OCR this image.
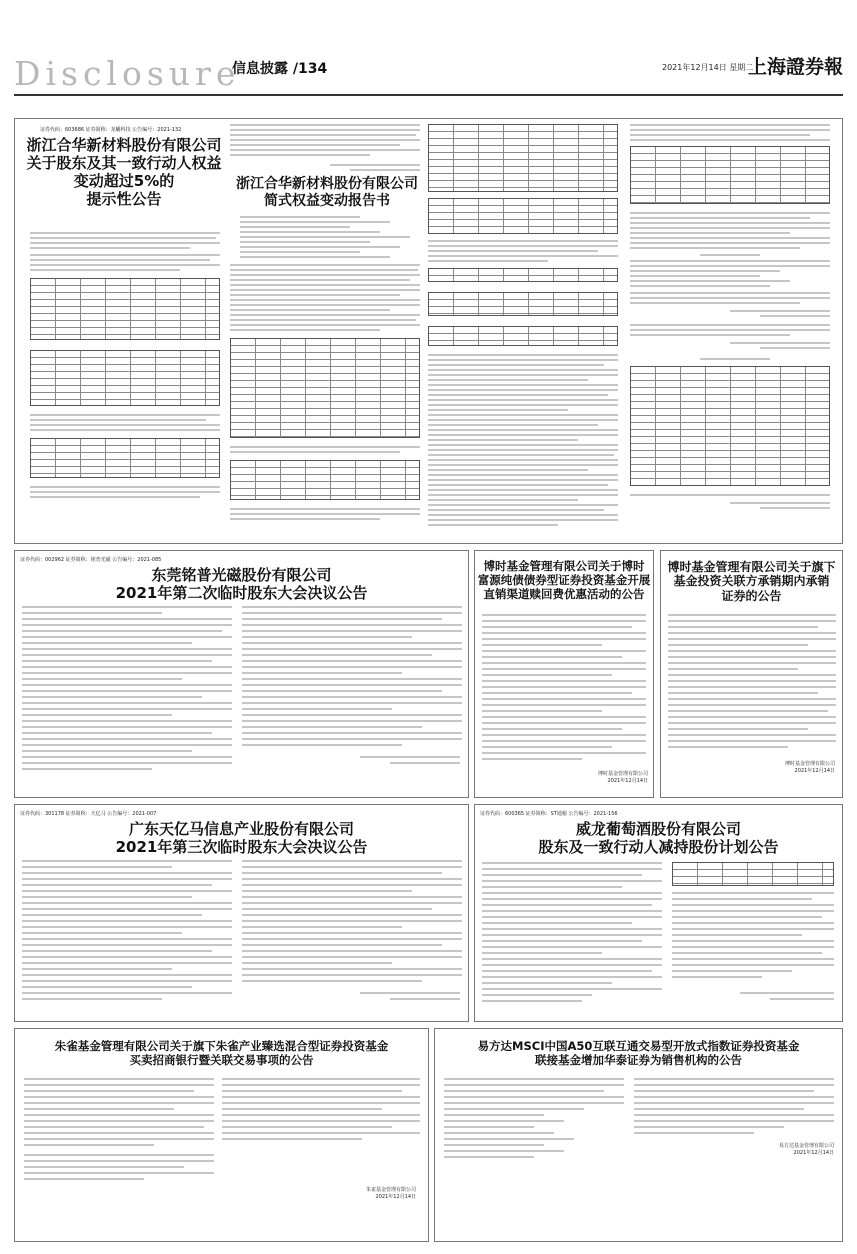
Disclosure
信息披露 /134	2021年12月14日 星期二
上海證券報
证券代码：603686 证券简称：龙蟠科技 公告编号：2021-132
浙江合华新材料股份有限公司
关于股东及其一致行动人权益
变动超过5%的
提示性公告
浙江合华新材料股份有限公司
简式权益变动报告书
证券代码：002962 证券简称：铭普光磁 公告编号：2021-085
东莞铭普光磁股份有限公司
2021年第二次临时股东大会决议公告
博时基金管理有限公司关于博时
富源纯债债券型证券投资基金开展
直销渠道赎回费优惠活动的公告
博时基金管理有限公司
2021年12月14日
博时基金管理有限公司关于旗下
基金投资关联方承销期内承销
证券的公告
博时基金管理有限公司
2021年12月14日
证券代码：301178 证券简称：天亿马 公告编号：2021-007
广东天亿马信息产业股份有限公司
2021年第三次临时股东大会决议公告
证券代码：600365 证券简称：ST通葡 公告编号：2021-156
威龙葡萄酒股份有限公司
股东及一致行动人减持股份计划公告
朱雀基金管理有限公司关于旗下朱雀产业臻选混合型证券投资基金
买卖招商银行暨关联交易事项的公告
朱雀基金管理有限公司
2021年12月14日
易方达MSCI中国A50互联互通交易型开放式指数证券投资基金
联接基金增加华泰证券为销售机构的公告
易方达基金管理有限公司
2021年12月14日
